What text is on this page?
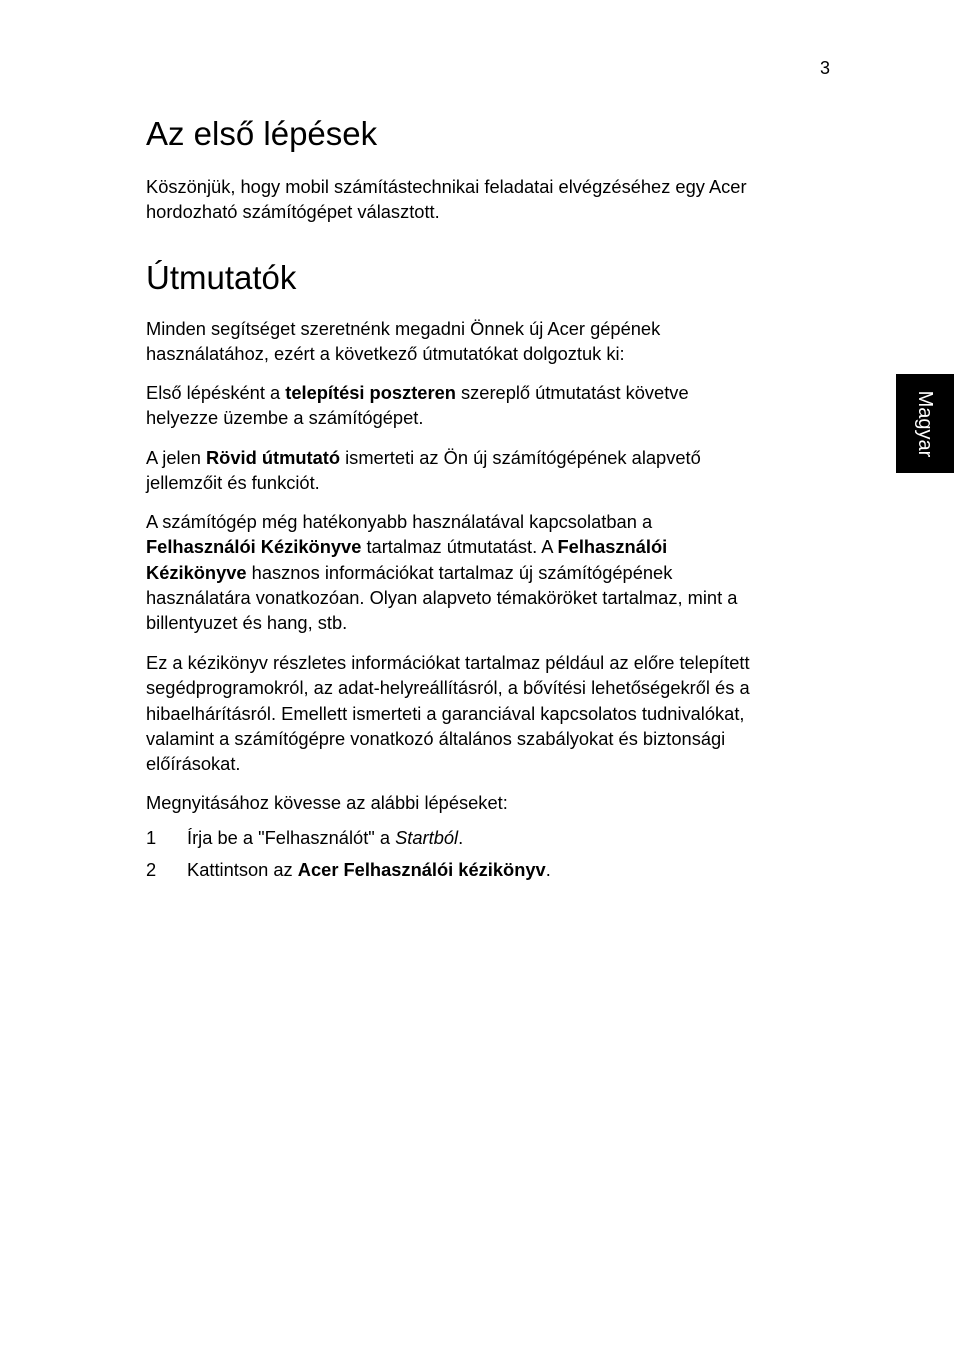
3
Az első lépések

Köszönjük, hogy mobil számítástechnikai feladatai elvégzéséhez egy Acer
hordozható számítógépet választott.

Útmutatók

Minden segítséget szeretnénk megadni Önnek új Acer gépének
használatához, ezért a következő útmutatókat dolgoztuk ki:

Első lépésként a telepítési poszteren szereplő útmutatást követve
helyezze üzembe a számítógépet.

A jelen Rövid útmutató ismerteti az Ön új számítógépének alapvető
jellemzőit és funkciót.

A számítógép még hatékonyabb használatával kapcsolatban a
Felhasználói Kézikönyve tartalmaz útmutatást. A Felhasználói
Kézikönyve hasznos információkat tartalmaz új számítógépének
használatára vonatkozóan. Olyan alapveto témaköröket tartalmaz, mint a
billentyuzet és hang, stb.

Ez a kézikönyv részletes információkat tartalmaz például az előre telepített
segédprogramokról, az adat-helyreállításról, a bővítési lehetőségekről és a
hibaelhárításról. Emellett ismerteti a garanciával kapcsolatos tudnivalókat,
valamint a számítógépre vonatkozó általános szabályokat és biztonsági
előírásokat.

Megnyitásához kövesse az alábbi lépéseket:

1 Írja be a "Felhasználót" a Startból.
2 Kattintson az Acer Felhasználói kézikönyv.
Magyar
